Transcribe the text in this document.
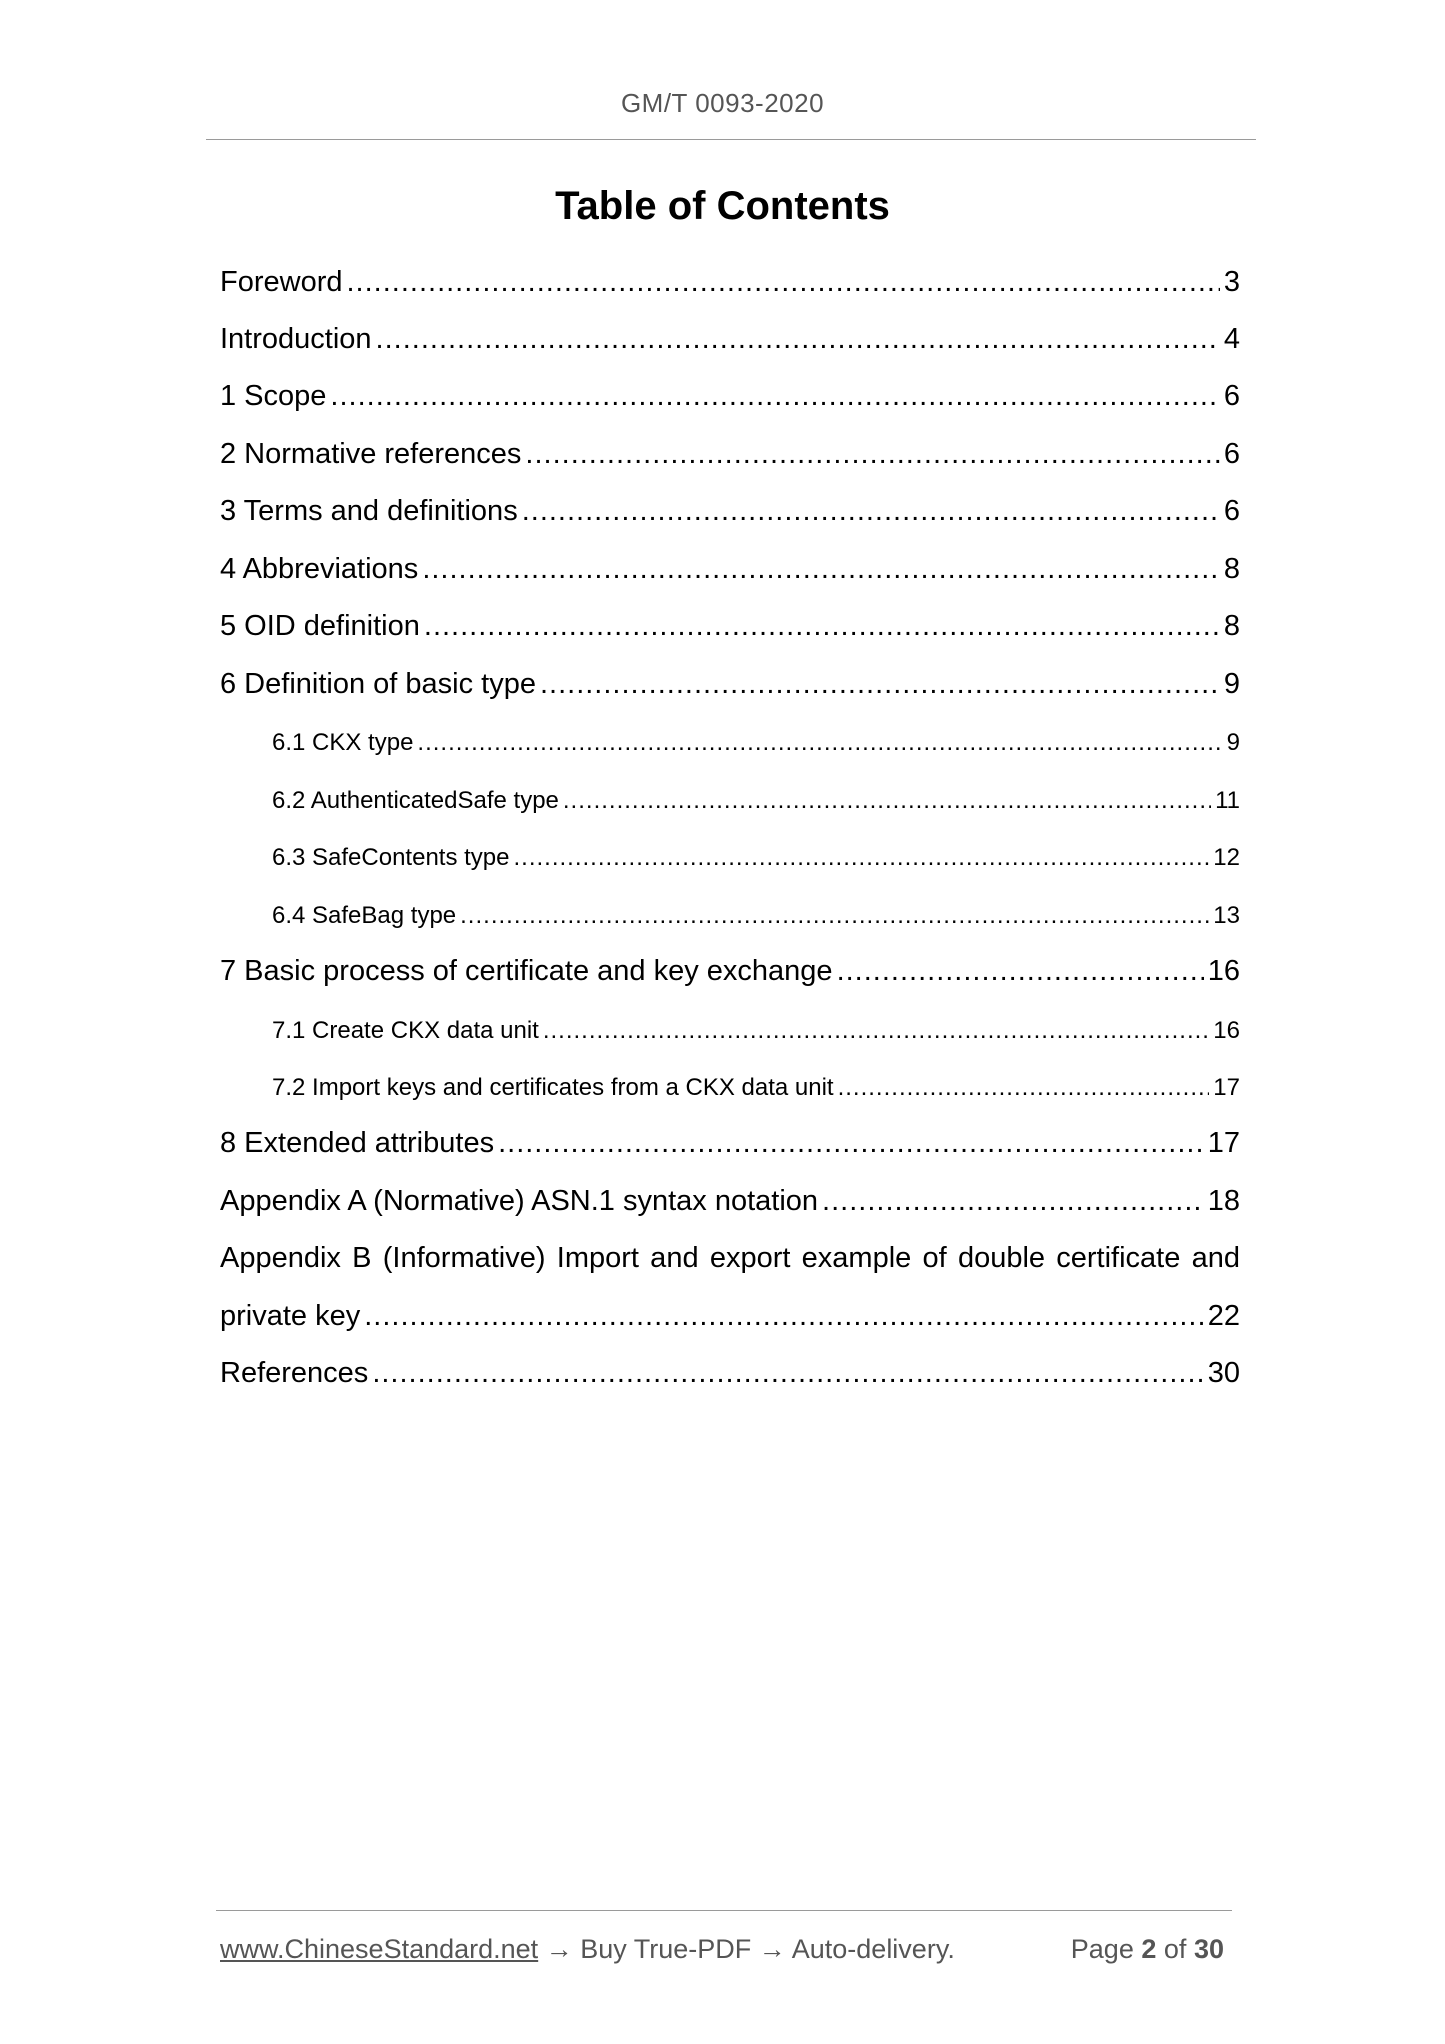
GM/T 0093-2020
Table of Contents
Foreword .....	3
Introduction .....	4
1 Scope .....	6
2 Normative references .....	6
3 Terms and definitions .....	6
4 Abbreviations .....	8
5 OID definition .....	8
6 Definition of basic type .....	9
6.1 CKX type .....	9
6.2 AuthenticatedSafe type .....	11
6.3 SafeContents type .....	12
6.4 SafeBag type .....	13
7 Basic process of certificate and key exchange .....	16
7.1 Create CKX data unit .....	16
7.2 Import keys and certificates from a CKX data unit .....	17
8 Extended attributes .....	17
Appendix A (Normative) ASN.1 syntax notation .....	18
Appendix B (Informative) Import and export example of double certificate and
private key .....	22
References .....	30
www.ChineseStandard.net → Buy True-PDF → Auto-delivery.	Page 2 of 30
